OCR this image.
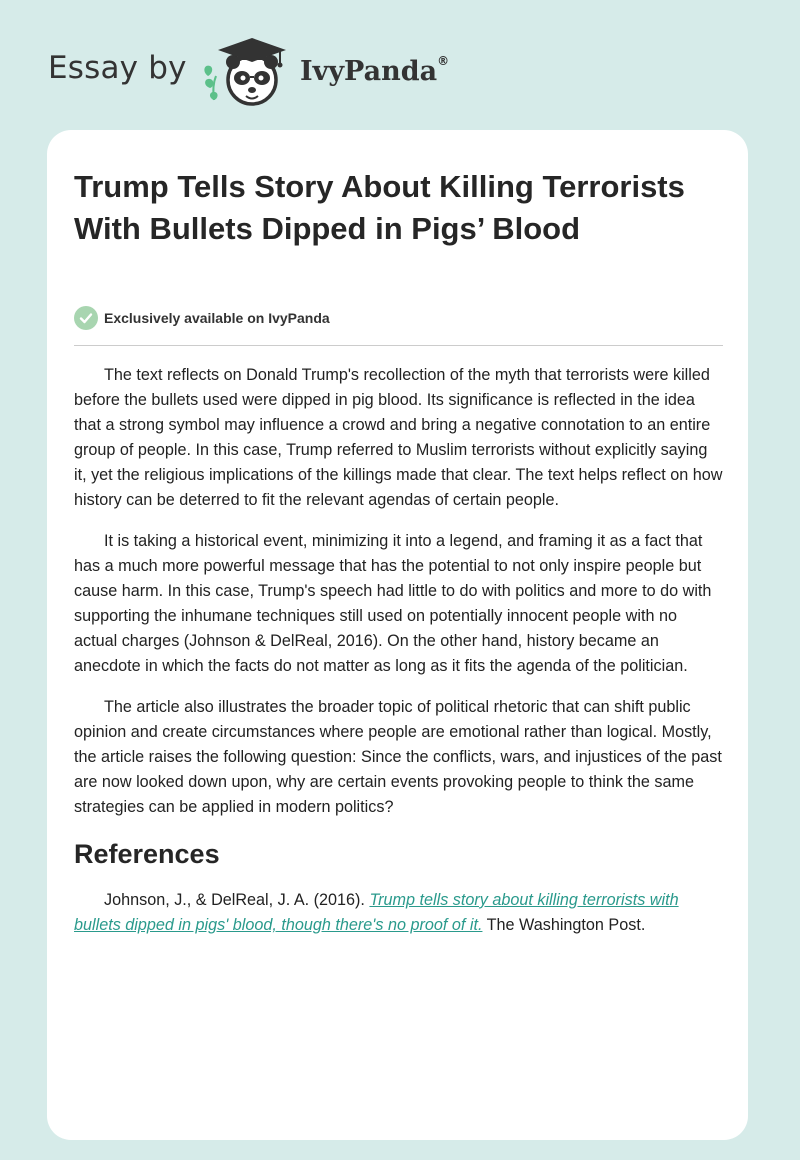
Essay by	IvyPanda®
Trump Tells Story About Killing Terrorists With Bullets Dipped in Pigs’ Blood
Exclusively available on IvyPanda

The text reflects on Donald Trump's recollection of the myth that terrorists were killed before the bullets used were dipped in pig blood. Its significance is reflected in the idea that a strong symbol may influence a crowd and bring a negative connotation to an entire group of people. In this case, Trump referred to Muslim terrorists without explicitly saying it, yet the religious implications of the killings made that clear. The text helps reflect on how history can be deterred to fit the relevant agendas of certain people.

It is taking a historical event, minimizing it into a legend, and framing it as a fact that has a much more powerful message that has the potential to not only inspire people but cause harm. In this case, Trump's speech had little to do with politics and more to do with supporting the inhumane techniques still used on potentially innocent people with no actual charges (Johnson & DelReal, 2016). On the other hand, history became an anecdote in which the facts do not matter as long as it fits the agenda of the politician.

The article also illustrates the broader topic of political rhetoric that can shift public opinion and create circumstances where people are emotional rather than logical. Mostly, the article raises the following question: Since the conflicts, wars, and injustices of the past are now looked down upon, why are certain events provoking people to think the same strategies can be applied in modern politics?

References

Johnson, J., & DelReal, J. A. (2016). Trump tells story about killing terrorists with bullets dipped in pigs' blood, though there's no proof of it. The Washington Post.
